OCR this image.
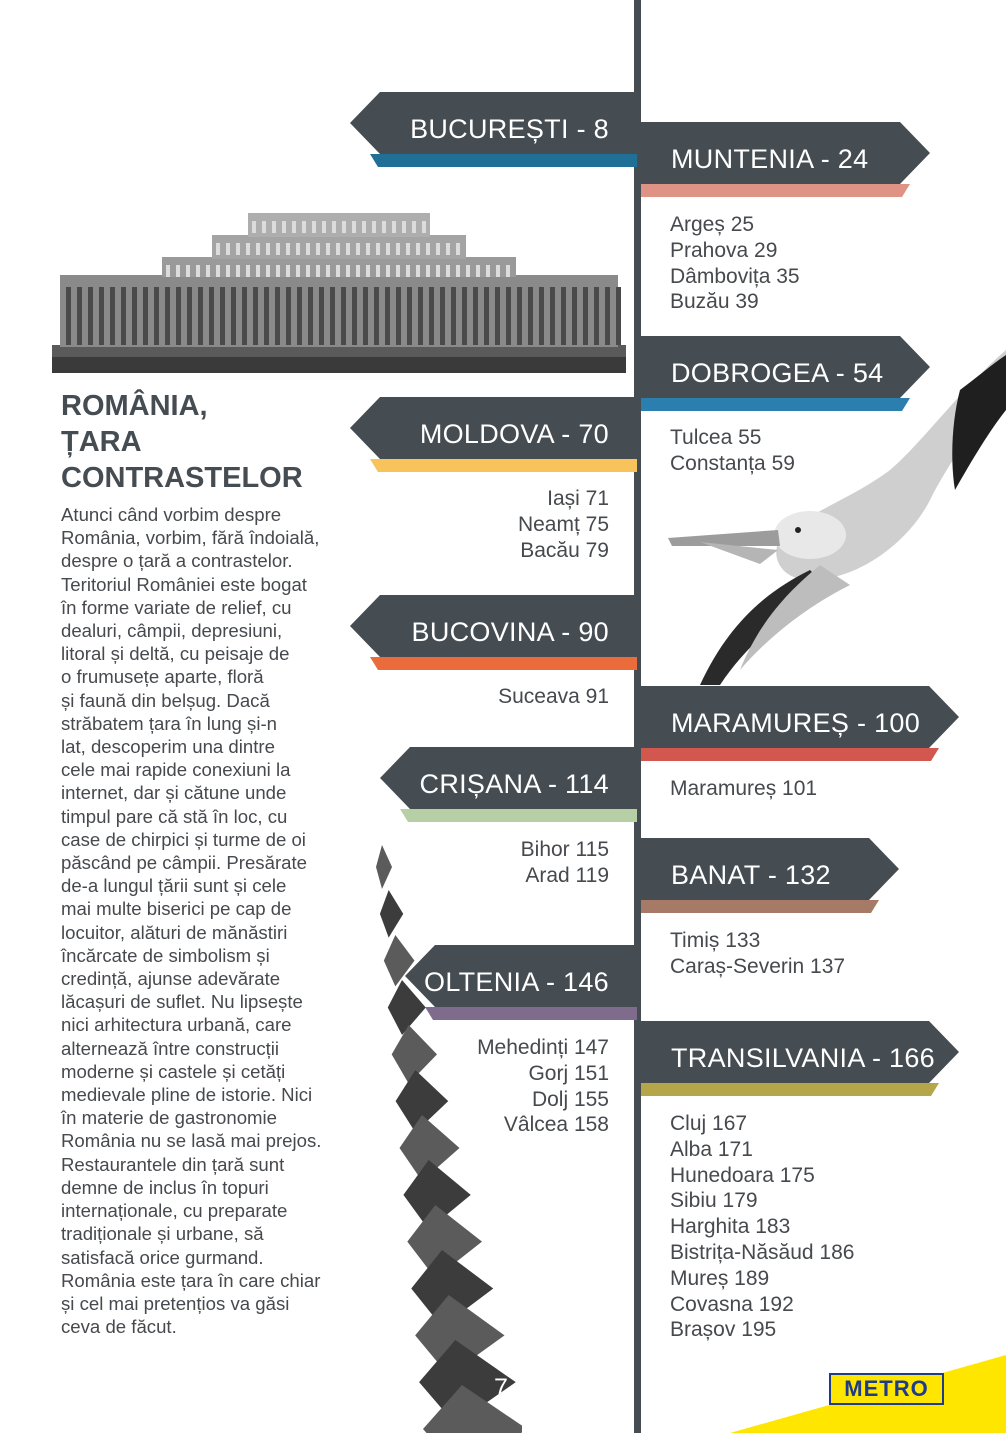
BUCUREȘTI - 8
MOLDOVA - 70
Iași 71
Neamț 75
Bacău 79
BUCOVINA - 90
Suceava 91
CRIȘANA - 114
Bihor 115
Arad 119
OLTENIA - 146
Mehedinți 147
Gorj 151
Dolj 155
Vâlcea 158
MUNTENIA - 24
Argeș 25
Prahova 29
Dâmbovița 35
Buzău 39
DOBROGEA - 54
Tulcea 55
Constanța 59
MARAMUREȘ - 100
Maramureș 101
BANAT - 132
Timiș 133
Caraș-Severin 137
TRANSILVANIA - 166
Cluj 167
Alba 171
Hunedoara 175
Sibiu 179
Harghita 183
Bistrița-Năsăud 186
Mureș 189
Covasna 192
Brașov 195
ROMÂNIA,
ȚARA
CONTRASTELOR
Atunci când vorbim despre
România, vorbim, fără îndoială,
despre o țară a contrastelor.
Teritoriul României este bogat
în forme variate de relief, cu
dealuri, câmpii, depresiuni,
litoral și deltă, cu peisaje de
o frumusețe aparte, floră
și faună din belșug. Dacă
străbatem țara în lung și-n
lat, descoperim una dintre
cele mai rapide conexiuni la
internet, dar și cătune unde
timpul pare că stă în loc, cu
case de chirpici și turme de oi
păscând pe câmpii. Presărate
de-a lungul țării sunt și cele
mai multe biserici pe cap de
locuitor, alături de mănăstiri
încărcate de simbolism și
credință, ajunse adevărate
lăcașuri de suflet. Nu lipsește
nici arhitectura urbană, care
alternează între construcții
moderne și castele și cetăți
medievale pline de istorie. Nici
în materie de gastronomie
România nu se lasă mai prejos.
Restaurantele din țară sunt
demne de inclus în topuri
internaționale, cu preparate
tradiționale și urbane, să
satisfacă orice gurmand.
România este țara în care chiar
și cel mai pretențios va găsi
ceva de făcut.
METRO
7
